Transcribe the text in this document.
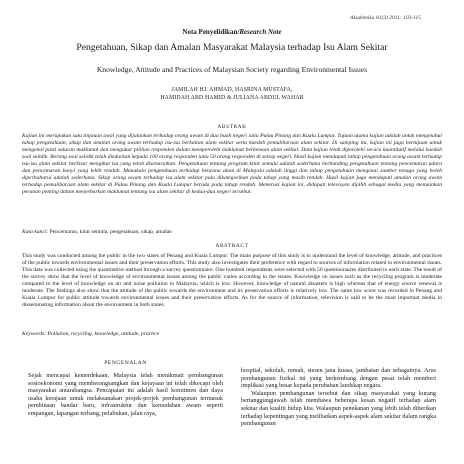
Akademika 81(3) 2011: 103-115
Nota Penyelidikan/Research Note
Pengetahuan, Sikap dan Amalan Masyarakat Malaysia terhadap Isu Alam Sekitar
Knowledge, Attitude and Practices of Malaysian Society regarding Environmental Issues
JAMILAH HJ. AHMAD, HASRINA MUSTAFA,
HAMIDAH ABD HAMID & JULIANA ABDUL WAHAB
ABSTRAK
Kajian ini merupakan satu tinjauan awal yang dijalankan terhadap orang awam di dua buah negeri iaitu Pulau Pinang dan Kuala Lumpur. Tujuan utama kajian adalah untuk mengetahui tahap pengetahuan, sikap dan amalan orang awam terhadap isu-isu berkaitan alam sekitar serta kaedah pemuliharaan alam sekitar. Di samping itu, kajian ini juga bertujuan untuk mengenal pasti saluran maklumat dan mengukur pilihan responden dalam memperolehi maklumat berkenaan alam sekitar. Data kajian telah diperolehi secara kuantitatif melalui kaedah soal selidik. Borang soal selidik telah diedarkan kepada 100 orang responden iaitu 50 orang responden di setiap negeri. Hasil kajian mendapati tahap pengetahuan orang awam terhadap isu-isu alam sekitar berkisar mengikut isu yang telah disenaraikan. Pengetahuan tentang program kitar semula adalah sederhana berbanding pengetahuan tentang pencemaran udara dan pencemaran bunyi yang lebih rendah. Manakala pengetahuan terhadap bencana alam di Malaysia adalah tinggi dan tahap pengetahuan mengenai sumber tenaga yang boleh diperbaharui adalah sederhana. Sikap orang awam terhadap isu alam sekitar pula dikategorikan pada tahap yang masih rendah. Hasil kajian juga mendapati amalan orang awam terhadap pemuliharaan alam sekitar di Pulau Pinang dan Kuala Lumpur berada pada tahap rendah. Menerusi kajian ini, didapati televisyen dipilih sebagai media yang memainkan peranan penting dalam menyebarkan maklumat tentang isu alam sekitar di kedua-dua negeri tersebut.
Kata kunci: Pencemaran, kitar semula, pengetahuan, sikap, amalan
ABSTRACT
This study was conducted among the public in the two states of Penang and Kuala Lumpur. The main purpose of this study is to understand the level of knowledge, attitude, and practices of the public towards environmental issues and their preservation efforts. This study also investigates their preference with regard to sources of information related to environmental issues. This data was collected using the quantitative method through a survey questionnaire. One hundred respondents were selected with 50 questionnaires distributed to each state. The result of the survey show that the level of knowledge of environmental issues among the public varies according to the issues. Knowledge on issues such as the recycling program is moderate compared to the level of knowledge on air and noise pollution in Malaysia, which is low. However, knowledge of natural disasters is high whereas that of energy source renewal is moderate. The findings also show that the attitude of the public towards the environment and its preservation efforts is relatively low. The same low score was recorded in Penang and Kuala Lumpur for public attitude towards environmental issues and their preservation efforts. As for the source of information, television is said to be the most important media in disseminating information about the environment in both states.
Keywords: Pollution, recycling, knowledge, attitude, practice
PENGENALAN

Sejak mencapai kemerdekaan, Malaysia telah menikmati pembangunan sosioekonomi yang memberangsangkan dan kejayaan ini telah dikecapi oleh masyarakat antarabangsa. Pencapaian ini adalah hasil komitmen dan daya usaha kerajaan untuk melaksanakan projek-projek pembangunan termasuk pembinaan bandar baru, infrastruktur dan kemudahan awam seperti empangan, lapangan terbang, pelabuhan, jalan raya,

hospital, sekolah, rumah, stesen jana kuasa, jambatan dan sebagainya. Arus pembangunan fizikal ini yang berkembang dengan pesat telah memberi implikasi yang besar kepada perubahan landskap negara.

Walaupun pembangunan tersebut dan sikap masyarakat yang kurang bertanggungjawab telah membawa beberapa kesan negatif terhadap alam sekitar dan kualiti hidup kita. Walaupun penekanan yang lebih telah diberikan terhadap kepentingan yang melibatkan aspek-aspek alam sekitar dalam rangka pembangunan
